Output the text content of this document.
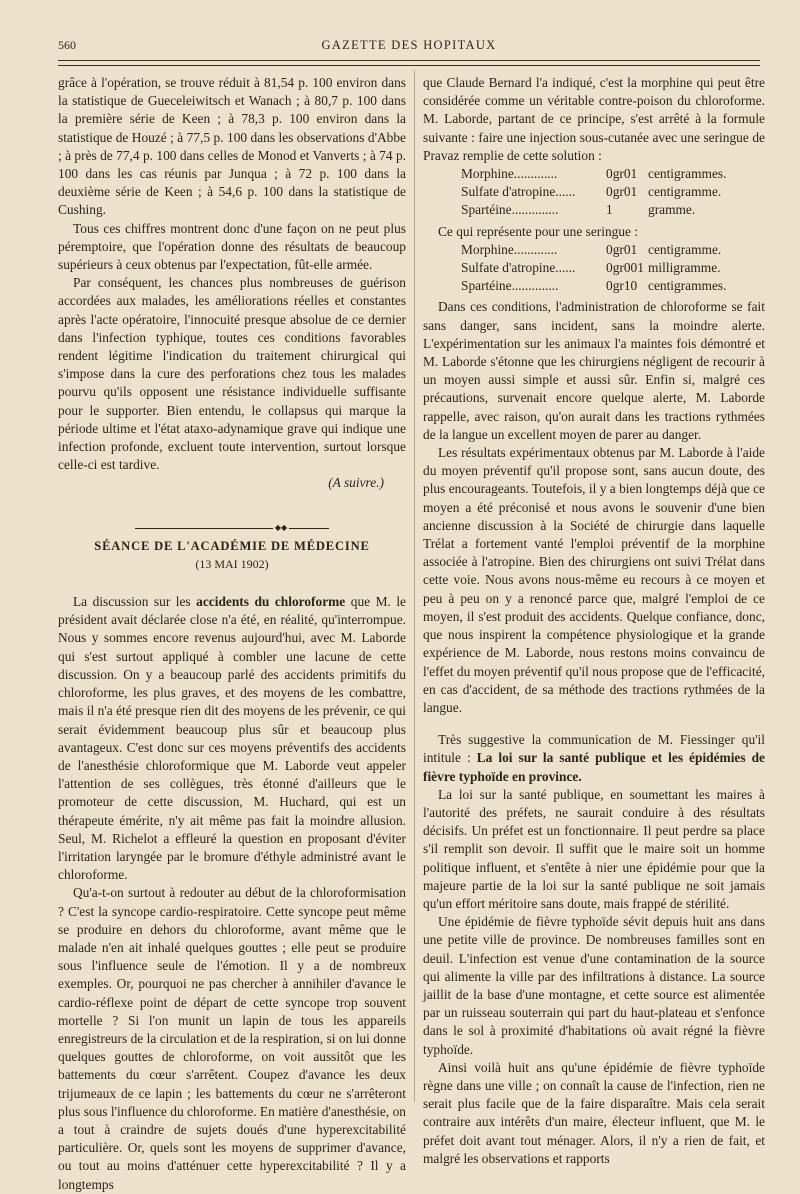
560	GAZETTE DES HOPITAUX

grâce à l'opération, se trouve réduit à 81,54 p. 100 environ dans la statistique de Gueceleiwitsch et Wanach ; à 80,7 p. 100 dans la première série de Keen ; à 78,3 p. 100 environ dans la statistique de Houzé ; à 77,5 p. 100 dans les observations d'Abbe ; à près de 77,4 p. 100 dans celles de Monod et Vanverts ; à 74 p. 100 dans les cas réunis par Junqua ; à 72 p. 100 dans la deuxième série de Keen ; à 54,6 p. 100 dans la statistique de Cushing.

Tous ces chiffres montrent donc d'une façon on ne peut plus péremptoire, que l'opération donne des résultats de beaucoup supérieurs à ceux obtenus par l'expectation, fût-elle armée.

Par conséquent, les chances plus nombreuses de guérison accordées aux malades, les améliorations réelles et constantes après l'acte opératoire, l'innocuité presque absolue de ce dernier dans l'infection typhique, toutes ces conditions favorables rendent légitime l'indication du traitement chirurgical qui s'impose dans la cure des perforations chez tous les malades pourvu qu'ils opposent une résistance individuelle suffisante pour le supporter. Bien entendu, le collapsus qui marque la période ultime et l'état ataxo-adynamique grave qui indique une infection profonde, excluent toute intervention, surtout lorsque celle-ci est tardive.

(A suivre.)
◆◆
SÉANCE DE L'ACADÉMIE DE MÉDECINE
(13 MAI 1902)

La discussion sur les accidents du chloroforme que M. le président avait déclarée close n'a été, en réalité, qu'interrompue. Nous y sommes encore revenus aujourd'hui, avec M. Laborde qui s'est surtout appliqué à combler une lacune de cette discussion. On y a beaucoup parlé des accidents primitifs du chloroforme, les plus graves, et des moyens de les combattre, mais il n'a été presque rien dit des moyens de les prévenir, ce qui serait évidemment beaucoup plus sûr et beaucoup plus avantageux. C'est donc sur ces moyens préventifs des accidents de l'anesthésie chloroformique que M. Laborde veut appeler l'attention de ses collègues, très étonné d'ailleurs que le promoteur de cette discussion, M. Huchard, qui est un thérapeute émérite, n'y ait même pas fait la moindre allusion. Seul, M. Richelot a effleuré la question en proposant d'éviter l'irritation laryngée par le bromure d'éthyle administré avant le chloroforme.

Qu'a-t-on surtout à redouter au début de la chloroformisation ? C'est la syncope cardio-respiratoire. Cette syncope peut même se produire en dehors du chloroforme, avant même que le malade n'en ait inhalé quelques gouttes ; elle peut se produire sous l'influence seule de l'émotion. Il y a de nombreux exemples. Or, pourquoi ne pas chercher à annihiler d'avance le cardio-réflexe point de départ de cette syncope trop souvent mortelle ? Si l'on munit un lapin de tous les appareils enregistreurs de la circulation et de la respiration, si on lui donne quelques gouttes de chloroforme, on voit aussitôt que les battements du cœur s'arrêtent. Coupez d'avance les deux trijumeaux de ce lapin ; les battements du cœur ne s'arrêteront plus sous l'influence du chloroforme. En matière d'anesthésie, on a tout à craindre de sujets doués d'une hyperexcitabilité particulière. Or, quels sont les moyens de supprimer d'avance, ou tout au moins d'atténuer cette hyperexcitabilité ? Il y a longtemps

que Claude Bernard l'a indiqué, c'est la morphine qui peut être considérée comme un véritable contre-poison du chloroforme. M. Laborde, partant de ce principe, s'est arrêté à la formule suivante : faire une injection sous-cutanée avec une seringue de Pravaz remplie de cette solution :

Morphine.............	0gr01	centigrammes.
Sulfate d'atropine......	0gr01	centigramme.
Spartéine..............	1	gramme.

Ce qui représente pour une seringue :

Morphine.............	0gr01	centigramme.
Sulfate d'atropine......	0gr001	milligramme.
Spartéine..............	0gr10	centigrammes.

Dans ces conditions, l'administration de chloroforme se fait sans danger, sans incident, sans la moindre alerte. L'expérimentation sur les animaux l'a maintes fois démontré et M. Laborde s'étonne que les chirurgiens négligent de recourir à un moyen aussi simple et aussi sûr. Enfin si, malgré ces précautions, survenait encore quelque alerte, M. Laborde rappelle, avec raison, qu'on aurait dans les tractions rythmées de la langue un excellent moyen de parer au danger.

Les résultats expérimentaux obtenus par M. Laborde à l'aide du moyen préventif qu'il propose sont, sans aucun doute, des plus encourageants. Toutefois, il y a bien longtemps déjà que ce moyen a été préconisé et nous avons le souvenir d'une bien ancienne discussion à la Société de chirurgie dans laquelle Trélat a fortement vanté l'emploi préventif de la morphine associée à l'atropine. Bien des chirurgiens ont suivi Trélat dans cette voie. Nous avons nous-même eu recours à ce moyen et peu à peu on y a renoncé parce que, malgré l'emploi de ce moyen, il s'est produit des accidents. Quelque confiance, donc, que nous inspirent la compétence physiologique et la grande expérience de M. Laborde, nous restons moins convaincu de l'effet du moyen préventif qu'il nous propose que de l'efficacité, en cas d'accident, de sa méthode des tractions rythmées de la langue.

Très suggestive la communication de M. Fiessinger qu'il intitule : La loi sur la santé publique et les épidémies de fièvre typhoïde en province.

La loi sur la santé publique, en soumettant les maires à l'autorité des préfets, ne saurait conduire à des résultats décisifs. Un préfet est un fonctionnaire. Il peut perdre sa place s'il remplit son devoir. Il suffit que le maire soit un homme politique influent, et s'entête à nier une épidémie pour que la majeure partie de la loi sur la santé publique ne soit jamais qu'un effort méritoire sans doute, mais frappé de stérilité.

Une épidémie de fièvre typhoïde sévit depuis huit ans dans une petite ville de province. De nombreuses familles sont en deuil. L'infection est venue d'une contamination de la source qui alimente la ville par des infiltrations à distance. La source jaillit de la base d'une montagne, et cette source est alimentée par un ruisseau souterrain qui part du haut-plateau et s'enfonce dans le sol à proximité d'habitations où avait régné la fièvre typhoïde.

Ainsi voilà huit ans qu'une épidémie de fièvre typhoïde règne dans une ville ; on connaît la cause de l'infection, rien ne serait plus facile que de la faire disparaître. Mais cela serait contraire aux intérêts d'un maire, électeur influent, que M. le préfet doit avant tout ménager. Alors, il n'y a rien de fait, et malgré les observations et rapports
